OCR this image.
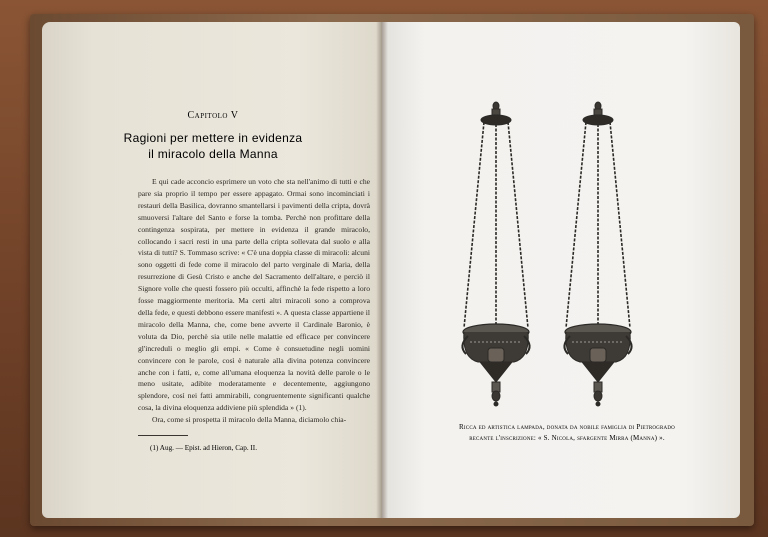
Capitolo V
Ragioni per mettere in evidenza
il miracolo della Manna

E qui cade acconcio esprimere un voto che sta nell'animo di tutti e che pare sia proprio il tempo per essere appagato. Ormai sono incominciati i restauri della Basilica, dovranno smantellarsi i pavimenti della cripta, dovrà smuoversi l'altare del Santo e forse la tomba. Perchè non profittare della contingenza sospirata, per mettere in evidenza il grande miracolo, collocando i sacri resti in una parte della cripta sollevata dal suolo e alla vista di tutti? S. Tommaso scrive: « C'è una doppia classe di miracoli: alcuni sono oggetti di fede come il miracolo del parto verginale di Maria, della resurrezione di Gesù Cristo e anche del Sacramento dell'altare, e perciò il Signore volle che questi fossero più occulti, affinchè la fede rispetto a loro fosse maggiormente meritoria. Ma certi altri miracoli sono a comprova della fede, e questi debbono essere manifesti ». A questa classe appartiene il miracolo della Manna, che, come bene avverte il Cardinale Baronio, è voluta da Dio, perchè sia utile nelle malattie ed efficace per convincere gl'increduli o meglio gli empi. « Come è consuetudine negli uomini convincere con le parole, così è naturale alla divina potenza convincere anche con i fatti, e, come all'umana eloquenza la novità delle parole o le meno usitate, adibite moderatamente e decentemente, aggiungono splendore, così nei fatti ammirabili, congruentemente significanti qualche cosa, la divina eloquenza addiviene più splendida » (1).

Ora, come si prospetta il miracolo della Manna, diciamolo chia-

(1) Aug. — Epist. ad Hieron, Cap. II.
Ricca ed artistica lampada, donata da nobile famiglia di Pietrogrado
recante l'inscrizione: « S. Nicola, sfargente Mirra (Manna) ».
